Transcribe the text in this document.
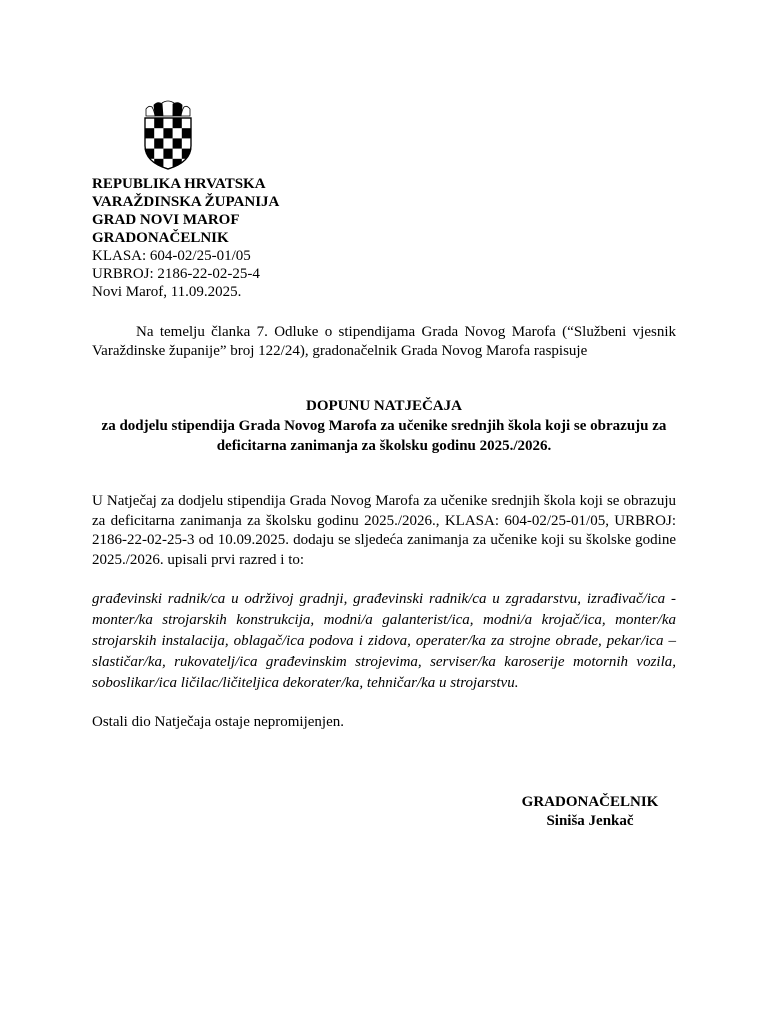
REPUBLIKA HRVATSKA
VARAŽDINSKA ŽUPANIJA
GRAD NOVI MAROF
GRADONAČELNIK
KLASA: 604-02/25-01/05
URBROJ: 2186-22-02-25-4
Novi Marof, 11.09.2025.

Na temelju članka 7. Odluke o stipendijama Grada Novog Marofa (“Službeni vjesnik Varaždinske županije” broj 122/24), gradonačelnik Grada Novog Marofa raspisuje

DOPUNU NATJEČAJA
za dodjelu stipendija Grada Novog Marofa za učenike srednjih škola koji se obrazuju za deficitarna zanimanja za školsku godinu 2025./2026.

U Natječaj za dodjelu stipendija Grada Novog Marofa za učenike srednjih škola koji se obrazuju za deficitarna zanimanja za školsku godinu 2025./2026., KLASA: 604-02/25-01/05, URBROJ: 2186-22-02-25-3 od 10.09.2025. dodaju se sljedeća zanimanja za učenike koji su školske godine 2025./2026. upisali prvi razred i to:

građevinski radnik/ca u održivoj gradnji, građevinski radnik/ca u zgradarstvu, izrađivač/ica - monter/ka strojarskih konstrukcija, modni/a galanterist/ica, modni/a krojač/ica, monter/ka strojarskih instalacija, oblagač/ica podova i zidova, operater/ka za strojne obrade, pekar/ica – slastičar/ka, rukovatelj/ica građevinskim strojevima, serviser/ka karoserije motornih vozila, soboslikar/ica ličilac/ličiteljica dekorater/ka, tehničar/ka u strojarstvu.

Ostali dio Natječaja ostaje nepromijenjen.

GRADONAČELNIK
Siniša Jenkač
